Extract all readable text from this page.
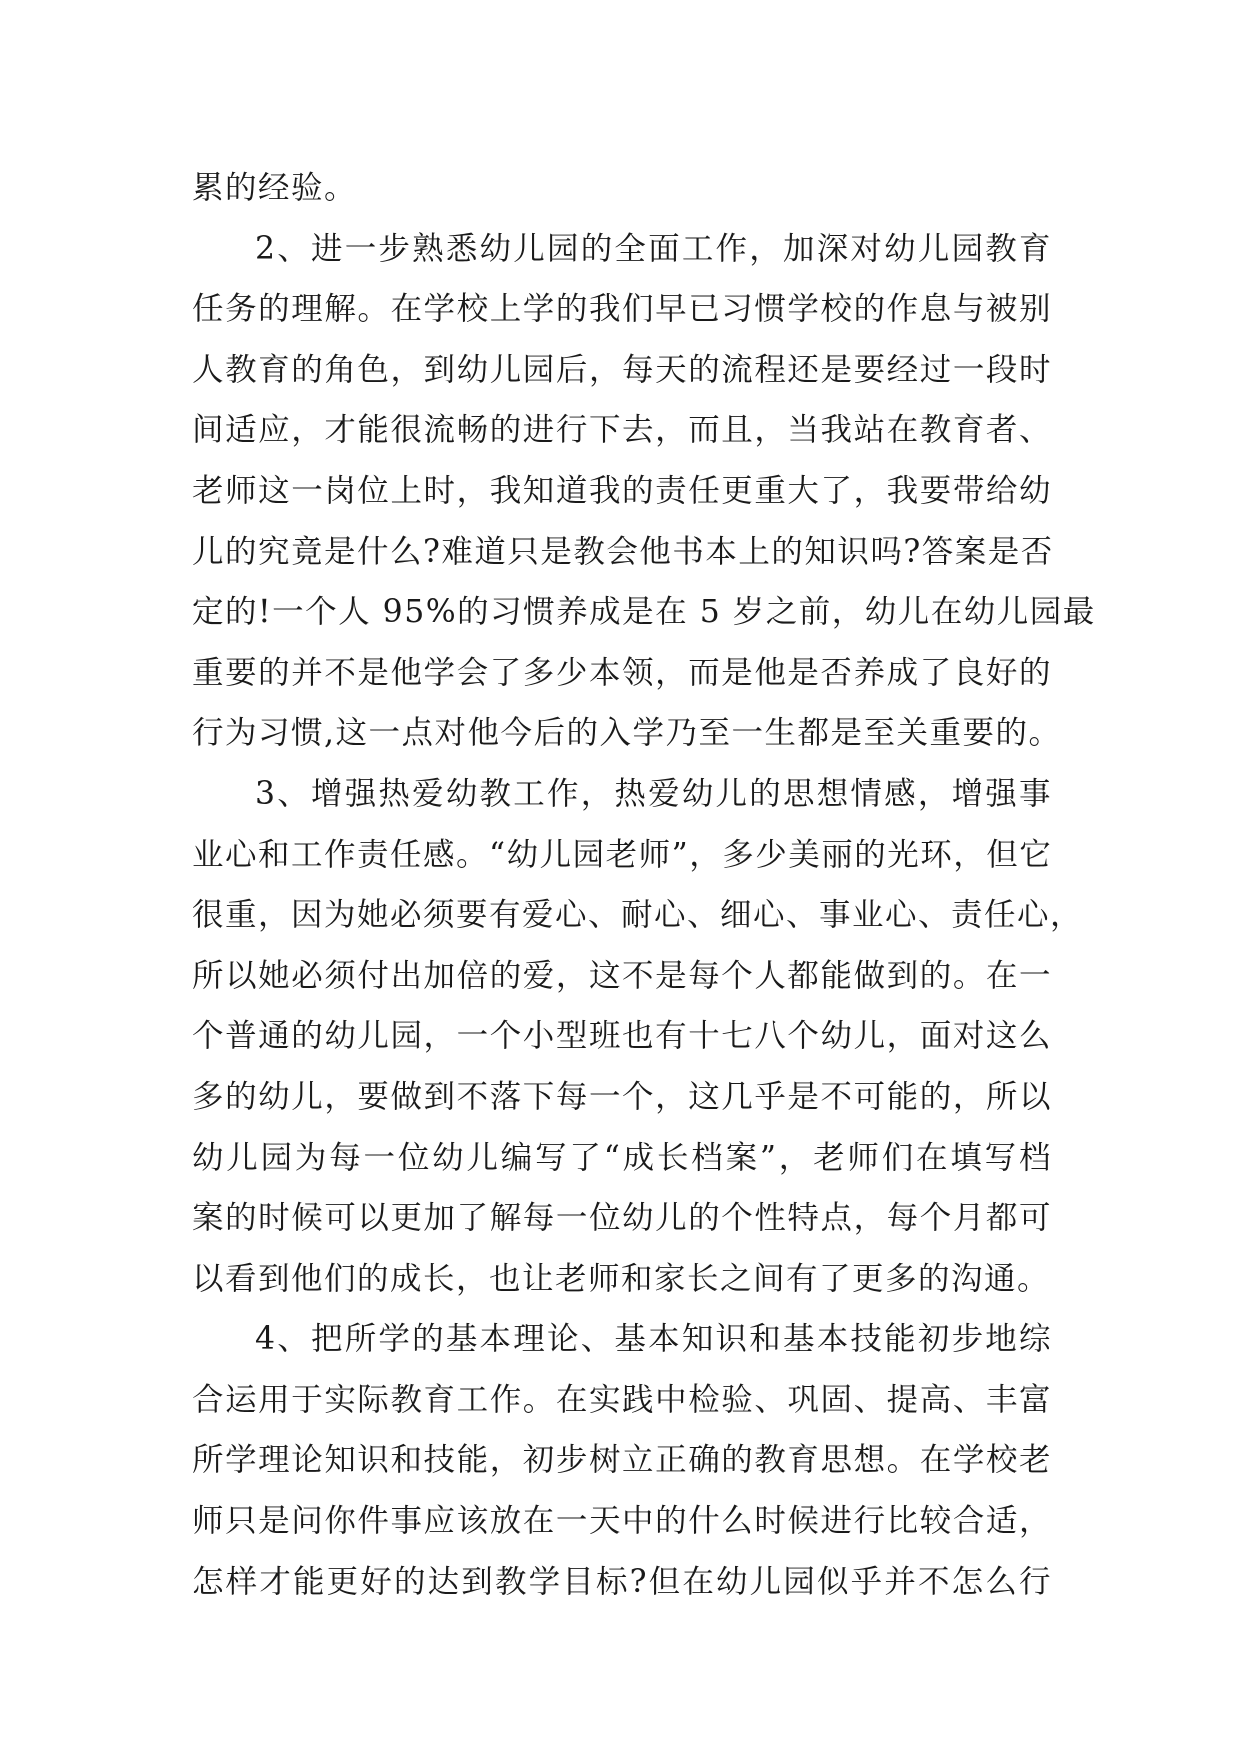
累的经验。
2、进一步熟悉幼儿园的全面工作，加深对幼儿园教育
任务的理解。在学校上学的我们早已习惯学校的作息与被别
人教育的角色，到幼儿园后，每天的流程还是要经过一段时
间适应，才能很流畅的进行下去，而且，当我站在教育者、
老师这一岗位上时，我知道我的责任更重大了，我要带给幼
儿的究竟是什么?难道只是教会他书本上的知识吗?答案是否
定的!一个人 95%的习惯养成是在 5 岁之前，幼儿在幼儿园最
重要的并不是他学会了多少本领，而是他是否养成了良好的
行为习惯,这一点对他今后的入学乃至一生都是至关重要的。
3、增强热爱幼教工作，热爱幼儿的思想情感，增强事
业心和工作责任感。“幼儿园老师”，多少美丽的光环，但它
很重，因为她必须要有爱心、耐心、细心、事业心、责任心，
所以她必须付出加倍的爱，这不是每个人都能做到的。在一
个普通的幼儿园，一个小型班也有十七八个幼儿，面对这么
多的幼儿，要做到不落下每一个，这几乎是不可能的，所以
幼儿园为每一位幼儿编写了“成长档案”，老师们在填写档
案的时候可以更加了解每一位幼儿的个性特点，每个月都可
以看到他们的成长，也让老师和家长之间有了更多的沟通。
4、把所学的基本理论、基本知识和基本技能初步地综
合运用于实际教育工作。在实践中检验、巩固、提高、丰富
所学理论知识和技能，初步树立正确的教育思想。在学校老
师只是问你件事应该放在一天中的什么时候进行比较合适，
怎样才能更好的达到教学目标?但在幼儿园似乎并不怎么行
